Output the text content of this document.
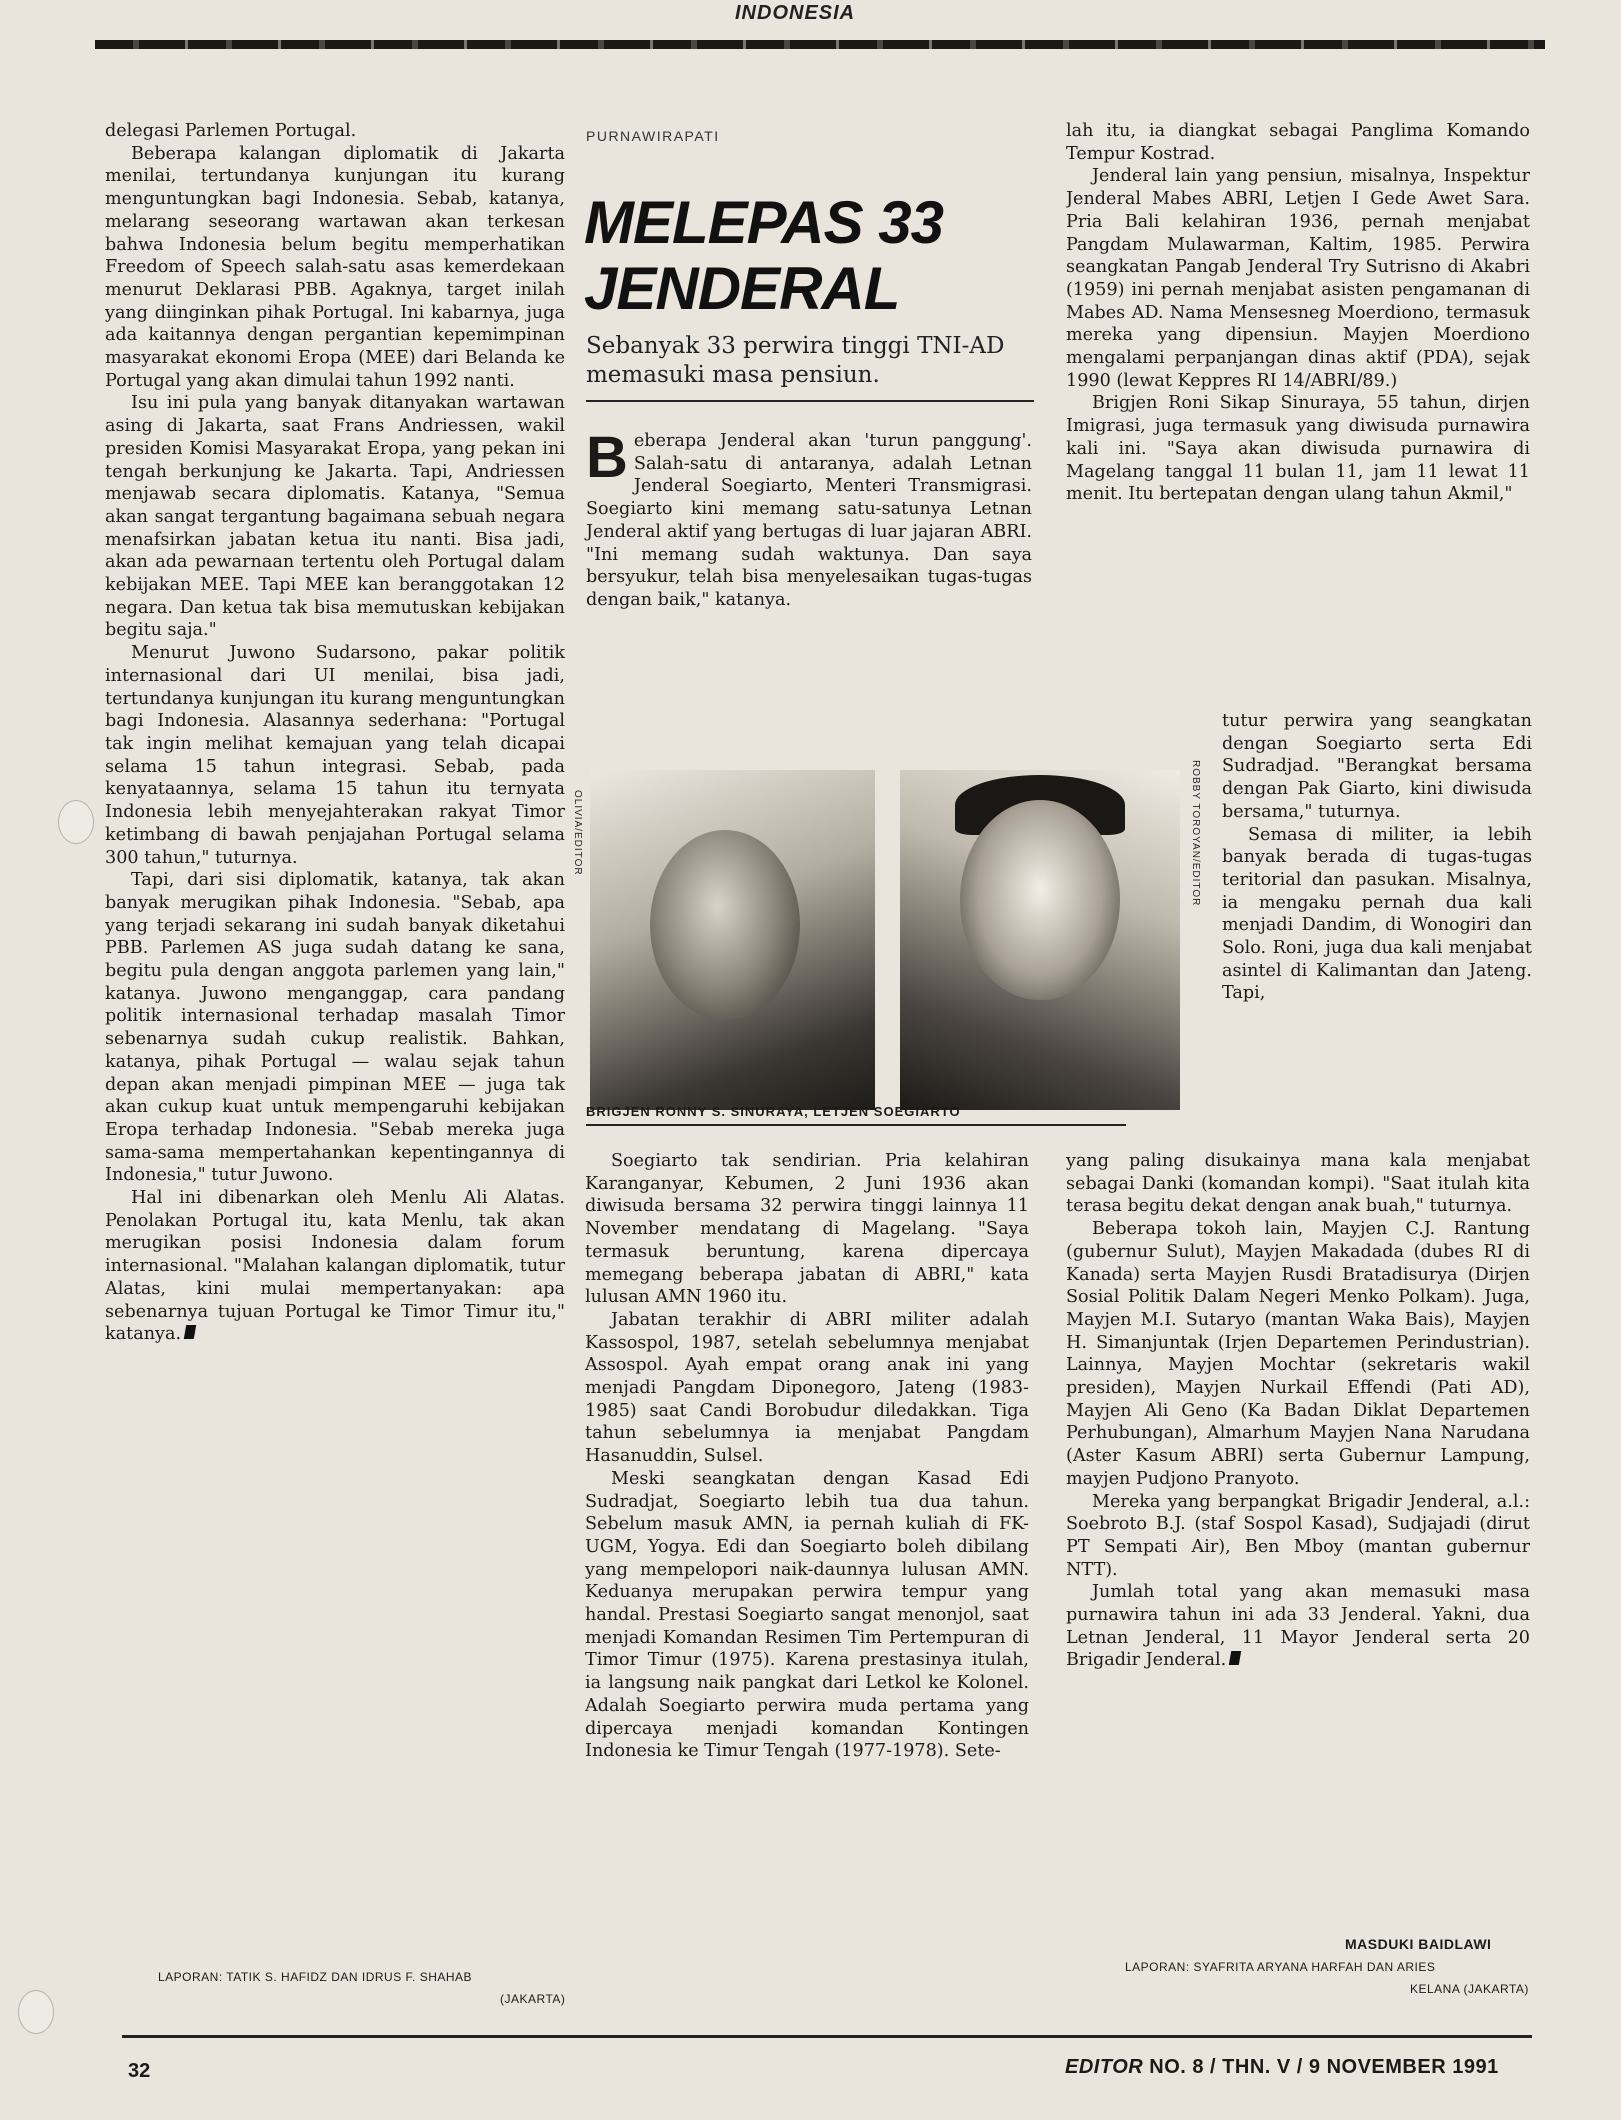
INDONESIA

delegasi Parlemen Portugal.

Beberapa kalangan diplomatik di Jakarta menilai, tertundanya kunjungan itu kurang menguntungkan bagi Indonesia. Sebab, katanya, melarang seseorang wartawan akan terkesan bahwa Indonesia belum begitu memperhatikan Freedom of Speech salah-satu asas kemerdekaan menurut Deklarasi PBB. Agaknya, target inilah yang diinginkan pihak Portugal. Ini kabarnya, juga ada kaitannya dengan pergantian kepemimpinan masyarakat ekonomi Eropa (MEE) dari Belanda ke Portugal yang akan dimulai tahun 1992 nanti.

Isu ini pula yang banyak ditanyakan wartawan asing di Jakarta, saat Frans Andriessen, wakil presiden Komisi Masyarakat Eropa, yang pekan ini tengah berkunjung ke Jakarta. Tapi, Andriessen menjawab secara diplomatis. Katanya, "Semua akan sangat tergantung bagaimana sebuah negara menafsirkan jabatan ketua itu nanti. Bisa jadi, akan ada pewarnaan tertentu oleh Portugal dalam kebijakan MEE. Tapi MEE kan beranggotakan 12 negara. Dan ketua tak bisa memutuskan kebijakan begitu saja."

Menurut Juwono Sudarsono, pakar politik internasional dari UI menilai, bisa jadi, tertundanya kunjungan itu kurang menguntungkan bagi Indonesia. Alasannya sederhana: "Portugal tak ingin melihat kemajuan yang telah dicapai selama 15 tahun integrasi. Sebab, pada kenyataannya, selama 15 tahun itu ternyata Indonesia lebih menyejahterakan rakyat Timor ketimbang di bawah penjajahan Portugal selama 300 tahun," tuturnya.

Tapi, dari sisi diplomatik, katanya, tak akan banyak merugikan pihak Indonesia. "Sebab, apa yang terjadi sekarang ini sudah banyak diketahui PBB. Parlemen AS juga sudah datang ke sana, begitu pula dengan anggota parlemen yang lain," katanya. Juwono menganggap, cara pandang politik internasional terhadap masalah Timor sebenarnya sudah cukup realistik. Bahkan, katanya, pihak Portugal — walau sejak tahun depan akan menjadi pimpinan MEE — juga tak akan cukup kuat untuk mempengaruhi kebijakan Eropa terhadap Indonesia. "Sebab mereka juga sama-sama mempertahankan kepentingannya di Indonesia," tutur Juwono.

Hal ini dibenarkan oleh Menlu Ali Alatas. Penolakan Portugal itu, kata Menlu, tak akan merugikan posisi Indonesia dalam forum internasional. "Malahan kalangan diplomatik, tutur Alatas, kini mulai mempertanyakan: apa sebenarnya tujuan Portugal ke Timor Timur itu," katanya.

LAPORAN: TATIK S. HAFIDZ DAN IDRUS F. SHAHAB
(JAKARTA)
PURNAWIRAPATI
MELEPAS 33 JENDERAL
Sebanyak 33 perwira tinggi TNI-AD memasuki masa pensiun.
Beberapa Jenderal akan 'turun panggung'. Salah-satu di antaranya, adalah Letnan Jenderal Soegiarto, Menteri Transmigrasi. Soegiarto kini memang satu-satunya Letnan Jenderal aktif yang bertugas di luar jajaran ABRI. "Ini memang sudah waktunya. Dan saya bersyukur, telah bisa menyelesaikan tugas-tugas dengan baik," katanya.
OLIVIA/EDITOR	ROBBY TOROYAN/EDITOR
BRIGJEN RONNY S. SINURAYA, LETJEN SOEGIARTO

lah itu, ia diangkat sebagai Panglima Komando Tempur Kostrad.

Jenderal lain yang pensiun, misalnya, Inspektur Jenderal Mabes ABRI, Letjen I Gede Awet Sara. Pria Bali kelahiran 1936, pernah menjabat Pangdam Mulawarman, Kaltim, 1985. Perwira seangkatan Pangab Jenderal Try Sutrisno di Akabri (1959) ini pernah menjabat asisten pengamanan di Mabes AD. Nama Mensesneg Moerdiono, termasuk mereka yang dipensiun. Mayjen Moerdiono mengalami perpanjangan dinas aktif (PDA), sejak 1990 (lewat Keppres RI 14/ABRI/89.)

Brigjen Roni Sikap Sinuraya, 55 tahun, dirjen Imigrasi, juga termasuk yang diwisuda purnawira kali ini. "Saya akan diwisuda purnawira di Magelang tanggal 11 bulan 11, jam 11 lewat 11 menit. Itu bertepatan dengan ulang tahun Akmil,"

tutur perwira yang seangkatan dengan Soegiarto serta Edi Sudradjad. "Berangkat bersama dengan Pak Giarto, kini diwisuda bersama," tuturnya.

Semasa di militer, ia lebih banyak berada di tugas-tugas teritorial dan pasukan. Misalnya, ia mengaku pernah dua kali menjadi Dandim, di Wonogiri dan Solo. Roni, juga dua kali menjabat asintel di Kalimantan dan Jateng. Tapi,

Soegiarto tak sendirian. Pria kelahiran Karanganyar, Kebumen, 2 Juni 1936 akan diwisuda bersama 32 perwira tinggi lainnya 11 November mendatang di Magelang. "Saya termasuk beruntung, karena dipercaya memegang beberapa jabatan di ABRI," kata lulusan AMN 1960 itu.

Jabatan terakhir di ABRI militer adalah Kassospol, 1987, setelah sebelumnya menjabat Assospol. Ayah empat orang anak ini yang menjadi Pangdam Diponegoro, Jateng (1983-1985) saat Candi Borobudur diledakkan. Tiga tahun sebelumnya ia menjabat Pangdam Hasanuddin, Sulsel.

Meski seangkatan dengan Kasad Edi Sudradjat, Soegiarto lebih tua dua tahun. Sebelum masuk AMN, ia pernah kuliah di FK-UGM, Yogya. Edi dan Soegiarto boleh dibilang yang mempelopori naik-daunnya lulusan AMN. Keduanya merupakan perwira tempur yang handal. Prestasi Soegiarto sangat menonjol, saat menjadi Komandan Resimen Tim Pertempuran di Timor Timur (1975). Karena prestasinya itulah, ia langsung naik pangkat dari Letkol ke Kolonel. Adalah Soegiarto perwira muda pertama yang dipercaya menjadi komandan Kontingen Indonesia ke Timur Tengah (1977-1978). Sete-

yang paling disukainya mana kala menjabat sebagai Danki (komandan kompi). "Saat itulah kita terasa begitu dekat dengan anak buah," tuturnya.

Beberapa tokoh lain, Mayjen C.J. Rantung (gubernur Sulut), Mayjen Makadada (dubes RI di Kanada) serta Mayjen Rusdi Bratadisurya (Dirjen Sosial Politik Dalam Negeri Menko Polkam). Juga, Mayjen M.I. Sutaryo (mantan Waka Bais), Mayjen H. Simanjuntak (Irjen Departemen Perindustrian). Lainnya, Mayjen Mochtar (sekretaris wakil presiden), Mayjen Nurkail Effendi (Pati AD), Mayjen Ali Geno (Ka Badan Diklat Departemen Perhubungan), Almarhum Mayjen Nana Narudana (Aster Kasum ABRI) serta Gubernur Lampung, mayjen Pudjono Pranyoto.

Mereka yang berpangkat Brigadir Jenderal, a.l.: Soebroto B.J. (staf Sospol Kasad), Sudjajadi (dirut PT Sempati Air), Ben Mboy (mantan gubernur NTT).

Jumlah total yang akan memasuki masa purnawira tahun ini ada 33 Jenderal. Yakni, dua Letnan Jenderal, 11 Mayor Jenderal serta 20 Brigadir Jenderal.

MASDUKI BAIDLAWI
LAPORAN: SYAFRITA ARYANA HARFAH DAN ARIES
KELANA (JAKARTA)
32	EDITOR NO. 8 / THN. V / 9 NOVEMBER 1991
